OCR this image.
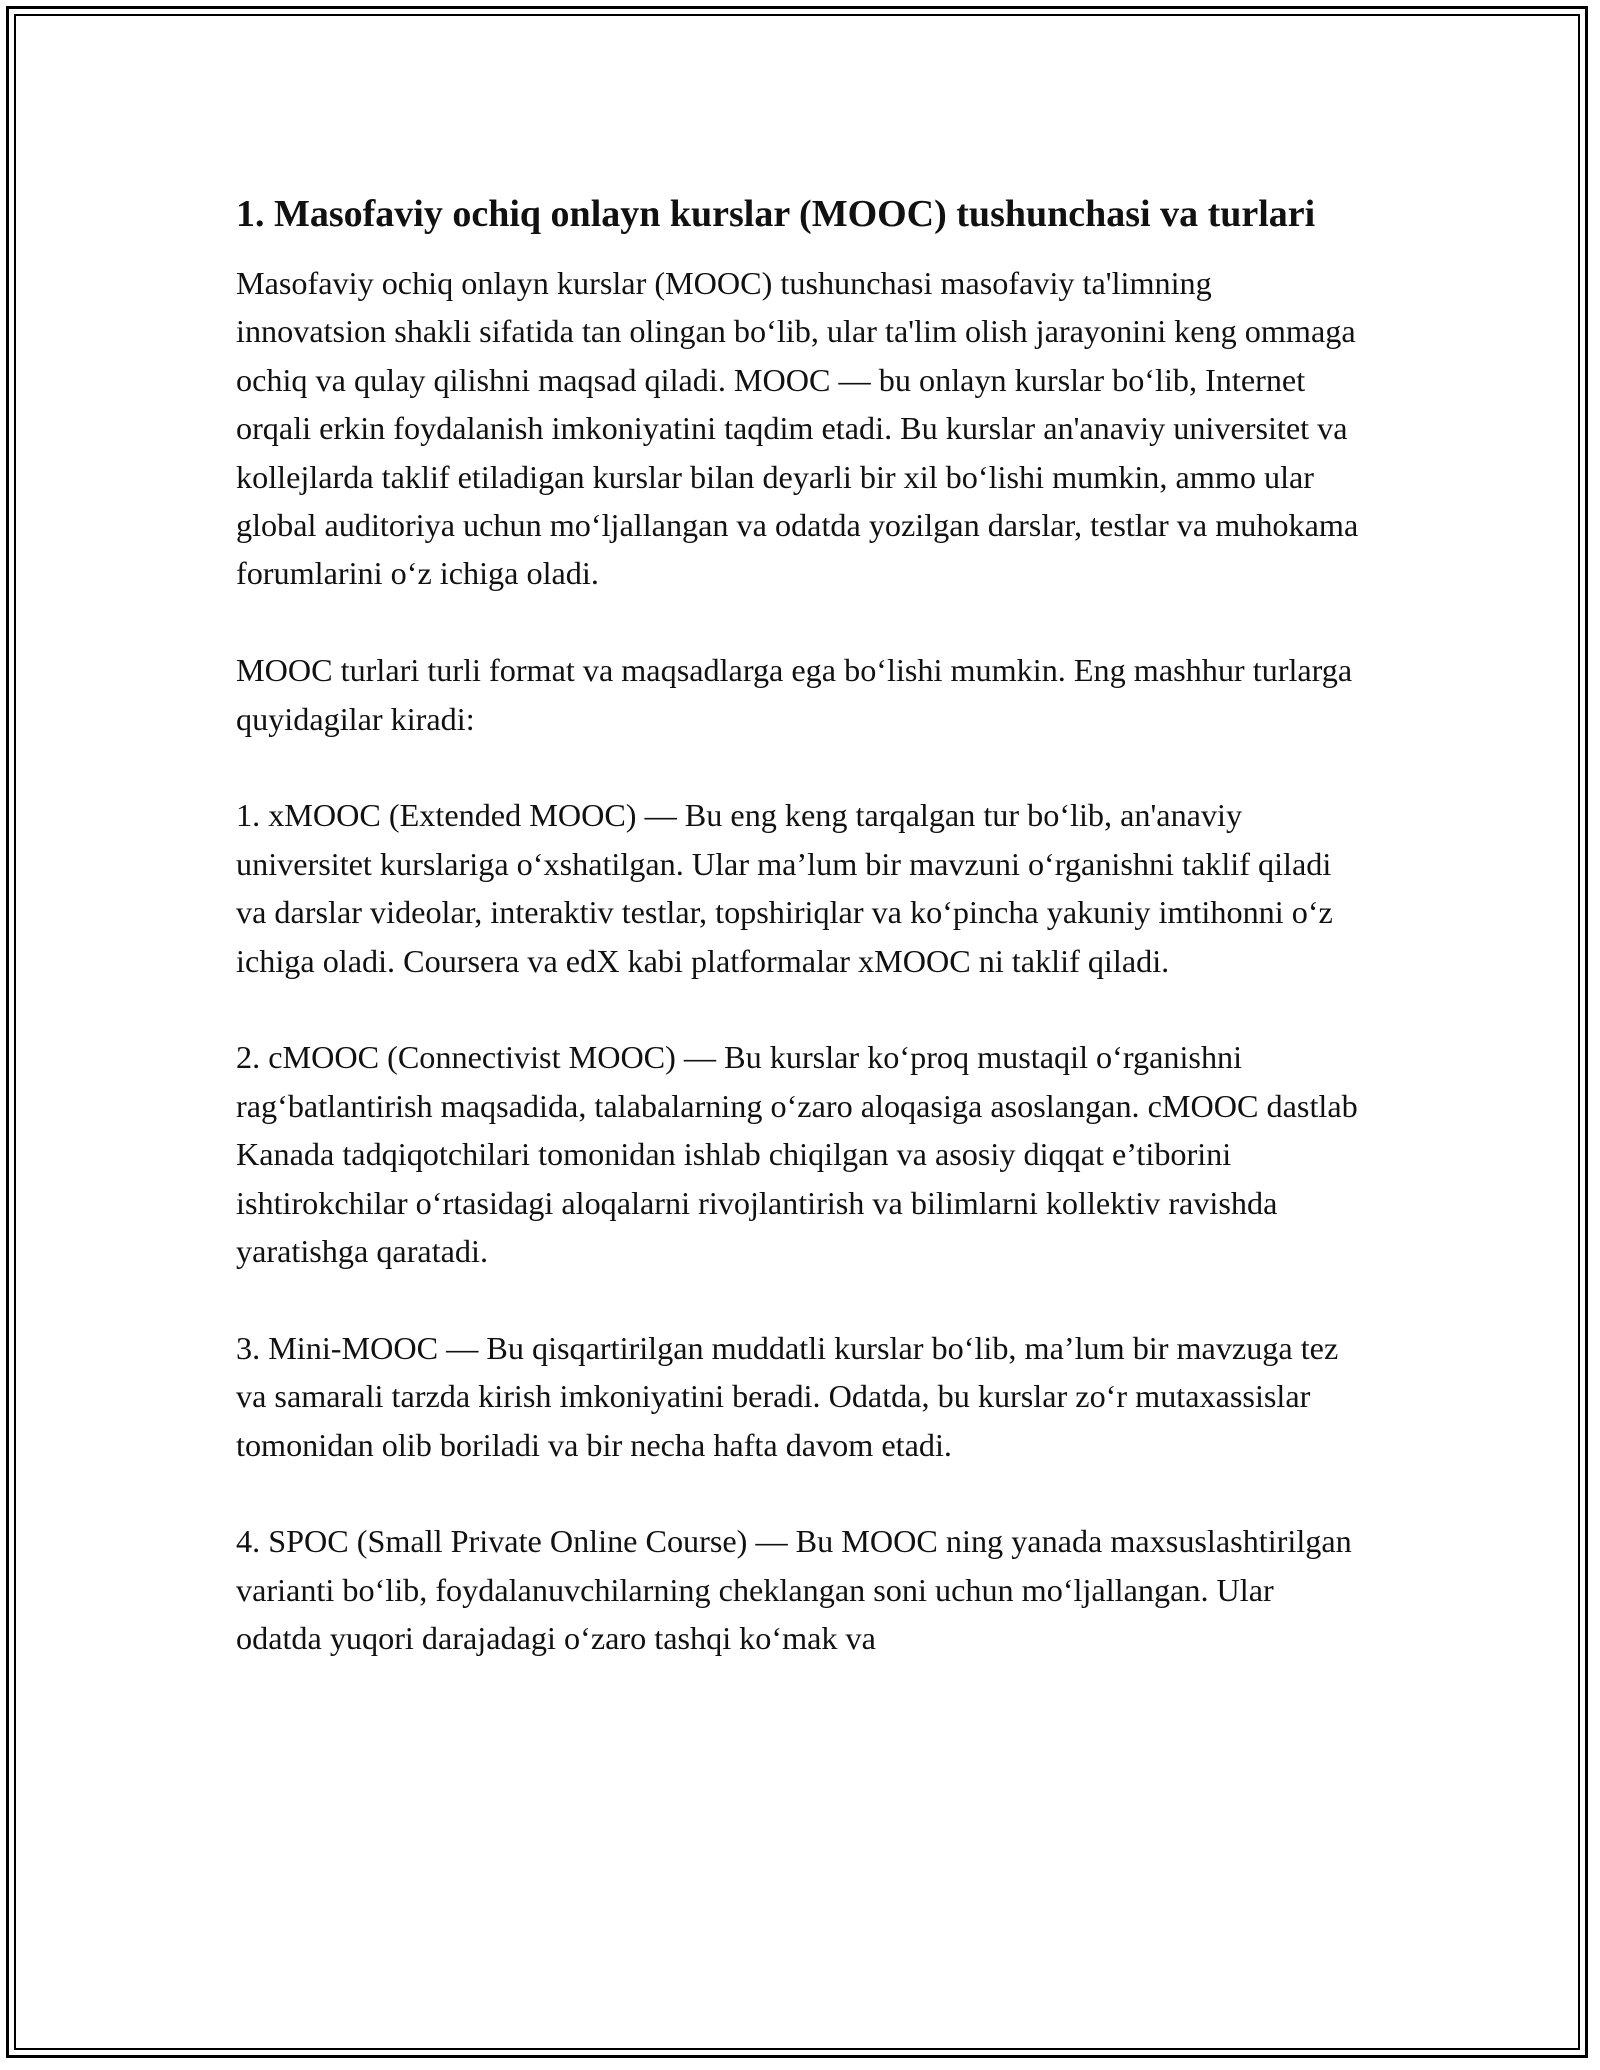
1. Masofaviy ochiq onlayn kurslar (MOOC) tushunchasi va turlari

Masofaviy ochiq onlayn kurslar (MOOC) tushunchasi masofaviy ta'limning innovatsion shakli sifatida tan olingan bo‘lib, ular ta'lim olish jarayonini keng ommaga ochiq va qulay qilishni maqsad qiladi. MOOC — bu onlayn kurslar bo‘lib, Internet orqali erkin foydalanish imkoniyatini taqdim etadi. Bu kurslar an'anaviy universitet va kollejlarda taklif etiladigan kurslar bilan deyarli bir xil bo‘lishi mumkin, ammo ular global auditoriya uchun mo‘ljallangan va odatda yozilgan darslar, testlar va muhokama forumlarini o‘z ichiga oladi.

MOOC turlari turli format va maqsadlarga ega bo‘lishi mumkin. Eng mashhur turlarga quyidagilar kiradi:

1. xMOOC (Extended MOOC) — Bu eng keng tarqalgan tur bo‘lib, an'anaviy universitet kurslariga o‘xshatilgan. Ular ma’lum bir mavzuni o‘rganishni taklif qiladi va darslar videolar, interaktiv testlar, topshiriqlar va ko‘pincha yakuniy imtihonni o‘z ichiga oladi. Coursera va edX kabi platformalar xMOOC ni taklif qiladi.

2. cMOOC (Connectivist MOOC) — Bu kurslar ko‘proq mustaqil o‘rganishni rag‘batlantirish maqsadida, talabalarning o‘zaro aloqasiga asoslangan. cMOOC dastlab Kanada tadqiqotchilari tomonidan ishlab chiqilgan va asosiy diqqat e’tiborini ishtirokchilar o‘rtasidagi aloqalarni rivojlantirish va bilimlarni kollektiv ravishda yaratishga qaratadi.

3. Mini-MOOC — Bu qisqartirilgan muddatli kurslar bo‘lib, ma’lum bir mavzuga tez va samarali tarzda kirish imkoniyatini beradi. Odatda, bu kurslar zo‘r mutaxassislar tomonidan olib boriladi va bir necha hafta davom etadi.

4. SPOC (Small Private Online Course) — Bu MOOC ning yanada maxsuslashtirilgan varianti bo‘lib, foydalanuvchilarning cheklangan soni uchun mo‘ljallangan. Ular odatda yuqori darajadagi o‘zaro tashqi ko‘mak va
